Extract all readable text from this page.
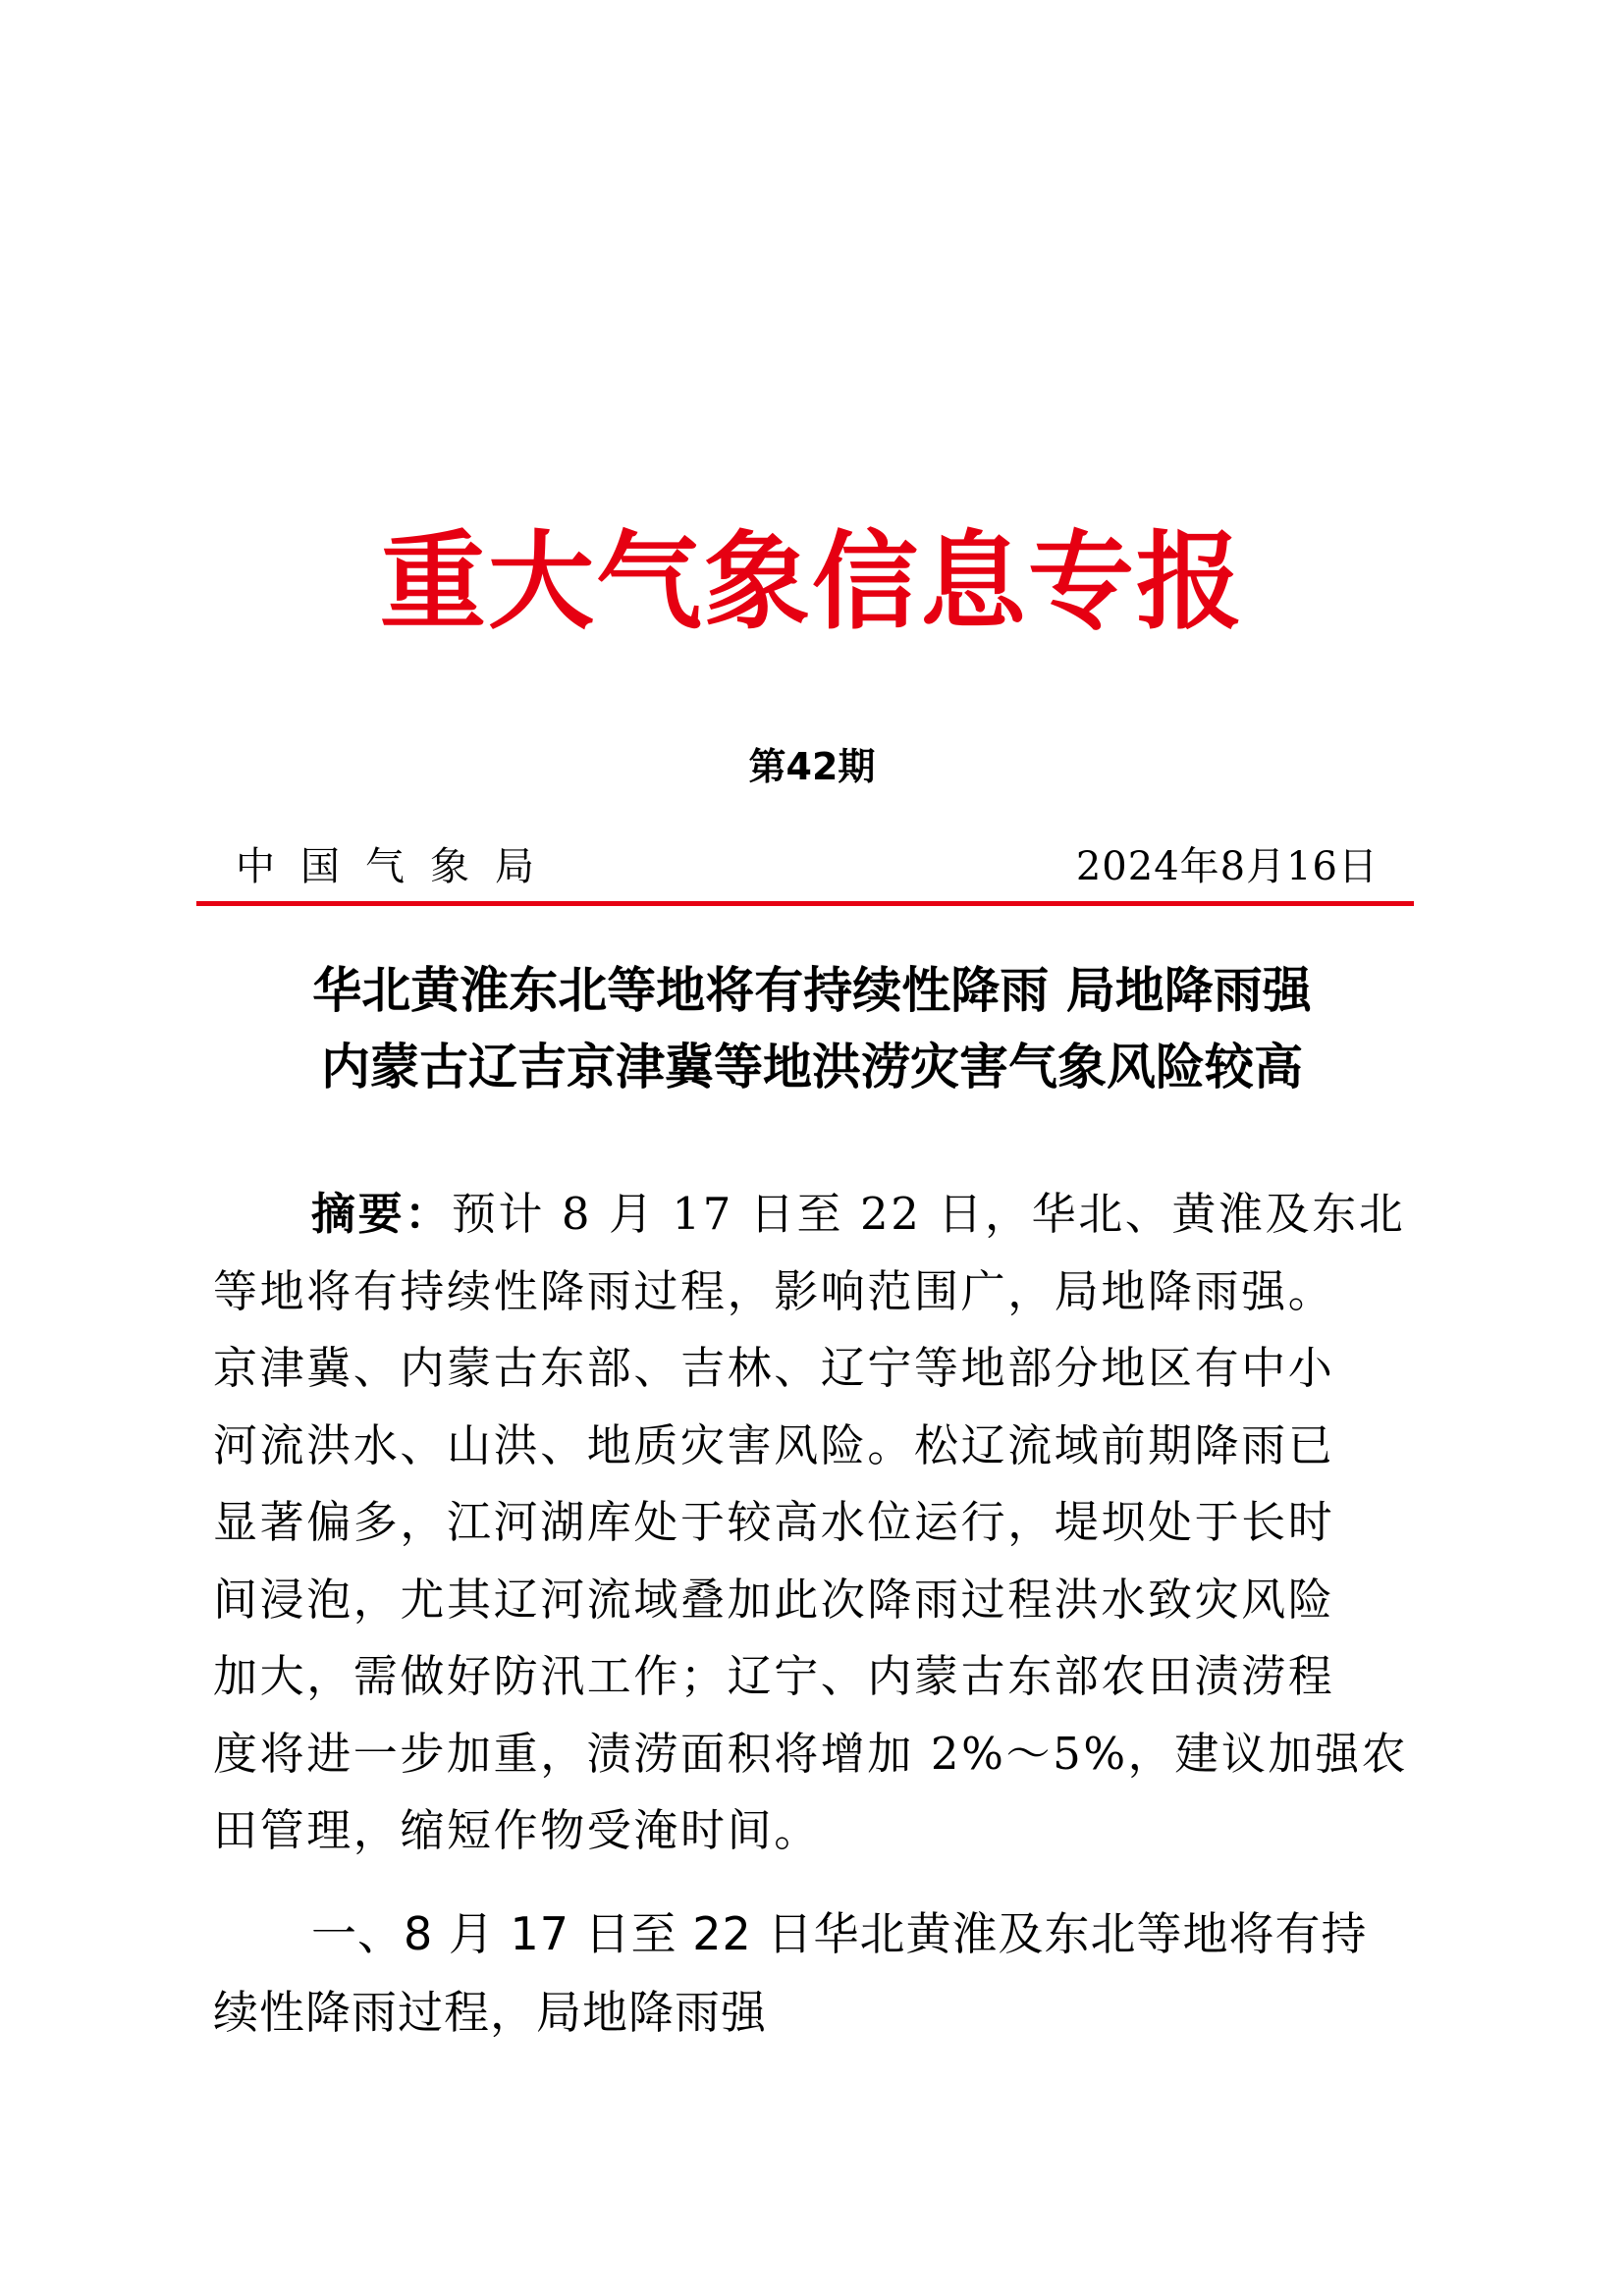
重大气象信息专报
第42期
中国气象局	2024年8月16日
华北黄淮东北等地将有持续性降雨 局地降雨强
内蒙古辽吉京津冀等地洪涝灾害气象风险较高
摘要：预计 8 月 17 日至 22 日，华北、黄淮及东北
等地将有持续性降雨过程，影响范围广，局地降雨强。
京津冀、内蒙古东部、吉林、辽宁等地部分地区有中小
河流洪水、山洪、地质灾害风险。松辽流域前期降雨已
显著偏多，江河湖库处于较高水位运行，堤坝处于长时
间浸泡，尤其辽河流域叠加此次降雨过程洪水致灾风险
加大，需做好防汛工作；辽宁、内蒙古东部农田渍涝程
度将进一步加重，渍涝面积将增加 2%～5%，建议加强农
田管理，缩短作物受淹时间。
一、8 月 17 日至 22 日华北黄淮及东北等地将有持
续性降雨过程，局地降雨强
